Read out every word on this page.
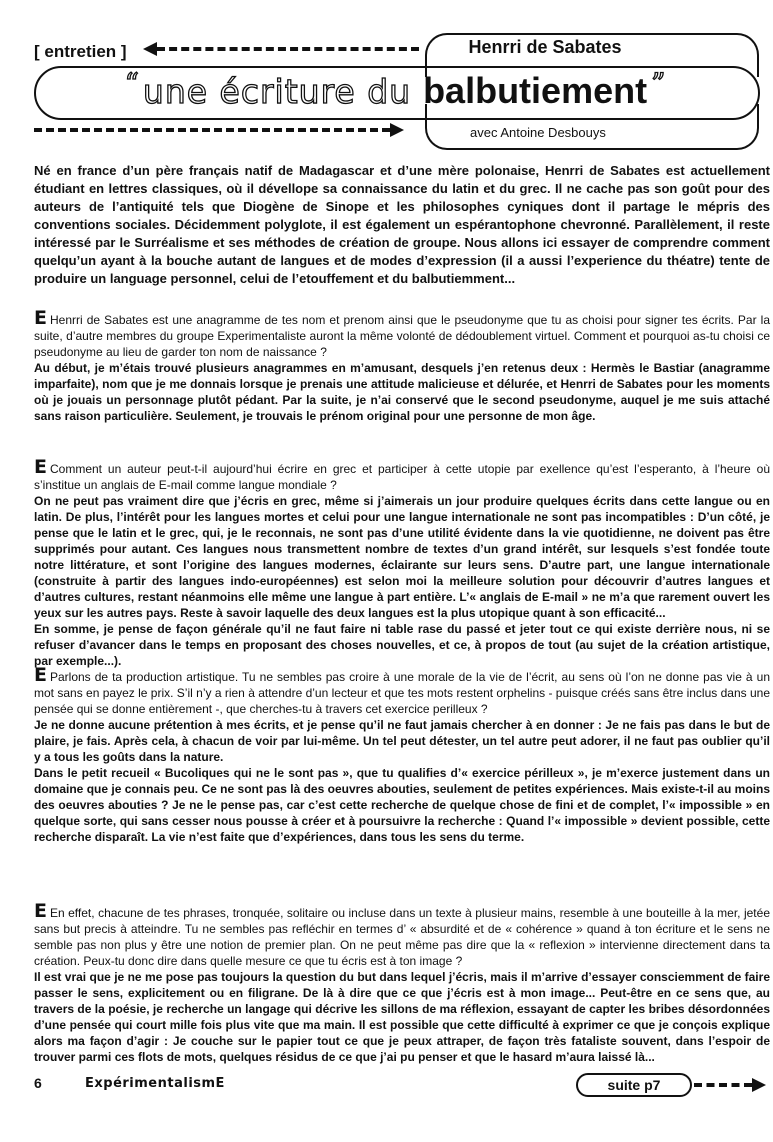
[ entretien ]	Henrri de Sabates
“ une écriture du balbutiement ”
avec Antoine Desbouys
Né en france d’un père français natif de Madagascar et d’une mère polonaise, Henrri de Sabates est actuellement étudiant en lettres classiques, où il dévellope sa connaissance du latin et du grec. Il ne cache pas son goût pour des auteurs de l’antiquité tels que Diogène de Sinope et les philosophes cyniques dont il partage le mépris des conventions sociales. Décidemment polyglote, il est également un espérantophone chevronné. Parallèlement, il reste intéressé par le Surréalisme et ses méthodes de création de groupe. Nous allons ici essayer de comprendre comment quelqu’un ayant à la bouche autant de langues et de modes d’expression (il a aussi l’experience du théatre) tente de produire un language personnel, celui de l’etouffement et du balbutiemment...

E Henrri de Sabates est une anagramme de tes nom et prenom ainsi que le pseudonyme que tu as choisi pour signer tes écrits. Par la suite, d’autre membres du groupe Experimentaliste auront la même volonté de dédoublement virtuel. Comment et pourquoi as-tu choisi ce pseudonyme au lieu de garder ton nom de naissance ?

Au début, je m’étais trouvé plusieurs anagrammes en m’amusant, desquels j’en retenus deux : Hermès le Bastiar (anagramme imparfaite), nom que je me donnais lorsque je prenais une attitude malicieuse et délurée, et Henrri de Sabates pour les moments où je jouais un personnage plutôt pédant. Par la suite, je n’ai conservé que le second pseudonyme, auquel je me suis attaché sans raison particulière. Seulement, je trouvais le prénom original pour une personne de mon âge.

E Comment un auteur peut-t-il aujourd’hui écrire en grec et participer à cette utopie par exellence qu’est l’esperanto, à l’heure où s’institue un anglais de E-mail comme langue mondiale ?

On ne peut pas vraiment dire que j’écris en grec, même si j’aimerais un jour produire quelques écrits dans cette langue ou en latin. De plus, l’intérêt pour les langues mortes et celui pour une langue internationale ne sont pas incompatibles : D’un côté, je pense que le latin et le grec, qui, je le reconnais, ne sont pas d’une utilité évidente dans la vie quotidienne, ne doivent pas être supprimés pour autant. Ces langues nous transmettent nombre de textes d’un grand intérêt, sur lesquels s’est fondée toute notre littérature, et sont l’origine des langues modernes, éclairante sur leurs sens. D’autre part, une langue internationale (construite à partir des langues indo-européennes) est selon moi la meilleure solution pour découvrir d’autres langues et d’autres cultures, restant néanmoins elle même une langue à part entière. L’« anglais de E-mail » ne m’a que rarement ouvert les yeux sur les autres pays. Reste à savoir laquelle des deux langues est la plus utopique quant à son efficacité...

En somme, je pense de façon générale qu’il ne faut faire ni table rase du passé et jeter tout ce qui existe derrière nous, ni se refuser d’avancer dans le temps en proposant des choses nouvelles, et ce, à propos de tout (au sujet de la création artistique, par exemple...).

E Parlons de ta production artistique. Tu ne sembles pas croire à une morale de la vie de l’écrit, au sens où l’on ne donne pas vie à un mot sans en payez le prix. S’il n’y a rien à attendre d’un lecteur et que tes mots restent orphelins - puisque créés sans être inclus dans une pensée qui se donne entièrement -, que cherches-tu à travers cet exercice perilleux ?

Je ne donne aucune prétention à mes écrits, et je pense qu’il ne faut jamais chercher à en donner : Je ne fais pas dans le but de plaire, je fais. Après cela, à chacun de voir par lui-même. Un tel peut détester, un tel autre peut adorer, il ne faut pas oublier qu’il y a tous les goûts dans la nature.

Dans le petit recueil « Bucoliques qui ne le sont pas », que tu qualifies d’« exercice périlleux », je m’exerce justement dans un domaine que je connais peu. Ce ne sont pas là des oeuvres abouties, seulement de petites expériences. Mais existe-t-il au moins des oeuvres abouties ? Je ne le pense pas, car c’est cette recherche de quelque chose de fini et de complet, l’« impossible » en quelque sorte, qui sans cesser nous pousse à créer et à poursuivre la recherche : Quand l’« impossible » devient possible, cette recherche disparaît. La vie n’est faite que d’expériences, dans tous les sens du terme.

E En effet, chacune de tes phrases, tronquée, solitaire ou incluse dans un texte à plusieur mains, resemble à une bouteille à la mer, jetée sans but precis à atteindre. Tu ne sembles pas refléchir en termes d’ « absurdité et de « cohérence » quand à ton écriture et le sens ne semble pas non plus y être une notion de premier plan. On ne peut même pas dire que la « reflexion » intervienne directement dans ta création. Peux-tu donc dire dans quelle mesure ce que tu écris est à ton image ?

Il est vrai que je ne me pose pas toujours la question du but dans lequel j’écris, mais il m’arrive d’essayer consciemment de faire passer le sens, explicitement ou en filigrane. De là à dire que ce que j’écris est à mon image... Peut-être en ce sens que, au travers de la poésie, je recherche un langage qui décrive les sillons de ma réflexion, essayant de capter les bribes désordonnées d’une pensée qui court mille fois plus vite que ma main. Il est possible que cette difficulté à exprimer ce que je conçois explique alors ma façon d’agir : Je couche sur le papier tout ce que je peux attraper, de façon très fataliste souvent, dans l’espoir de trouver parmi ces flots de mots, quelques résidus de ce que j’ai pu penser et que le hasard m’aura laissé là...

6	ExpérimentalismE	suite p7
